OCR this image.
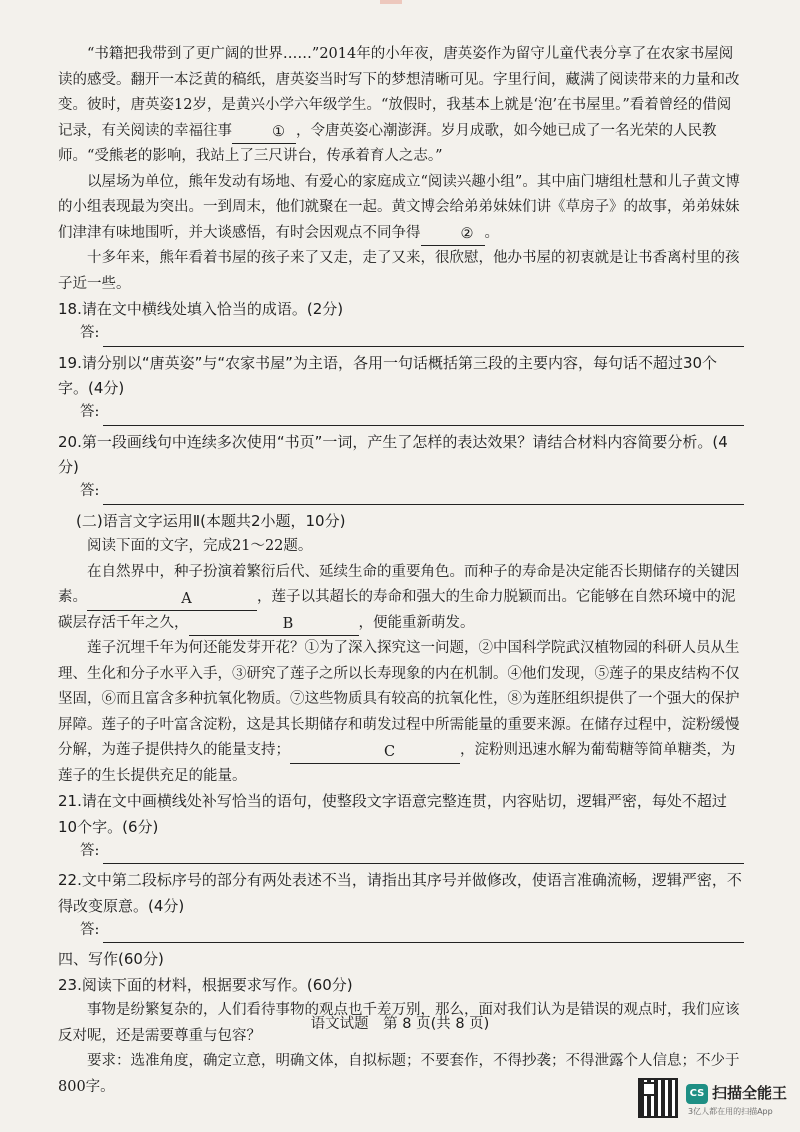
“书籍把我带到了更广阔的世界……”2014年的小年夜，唐英姿作为留守儿童代表分享了在农家书屋阅读的感受。翻开一本泛黄的稿纸，唐英姿当时写下的梦想清晰可见。字里行间，藏满了阅读带来的力量和改变。彼时，唐英姿12岁，是黄兴小学六年级学生。“放假时，我基本上就是‘泡’在书屋里。”看着曾经的借阅记录，有关阅读的幸福往事	① ，令唐英姿心潮澎湃。岁月成歌，如今她已成了一名光荣的人民教师。“受熊老的影响，我站上了三尺讲台，传承着育人之志。”

以屋场为单位，熊年发动有场地、有爱心的家庭成立“阅读兴趣小组”。其中庙门塘组杜慧和儿子黄文博的小组表现最为突出。一到周末，他们就聚在一起。黄文博会给弟弟妹妹们讲《草房子》的故事，弟弟妹妹们津津有味地围听，并大谈感悟，有时会因观点不同争得	② 。

十多年来，熊年看着书屋的孩子来了又走，走了又来，很欣慰，他办书屋的初衷就是让书香离村里的孩子近一些。

18.请在文中横线处填入恰当的成语。(2分)

答:

19.请分别以“唐英姿”与“农家书屋”为主语，各用一句话概括第三段的主要内容，每句话不超过30个字。(4分)

答:

20.第一段画线句中连续多次使用“书页”一词，产生了怎样的表达效果？请结合材料内容简要分析。(4分)

答:

(二)语言文字运用Ⅱ(本题共2小题，10分)

阅读下面的文字，完成21～22题。

在自然界中，种子扮演着繁衍后代、延续生命的重要角色。而种子的寿命是决定能否长期储存的关键因素。	A	，莲子以其超长的寿命和强大的生命力脱颖而出。它能够在自然环境中的泥碳层存活千年之久，	B	，便能重新萌发。

莲子沉埋千年为何还能发芽开花？①为了深入探究这一问题，②中国科学院武汉植物园的科研人员从生理、生化和分子水平入手，③研究了莲子之所以长寿现象的内在机制。④他们发现，⑤莲子的果皮结构不仅坚固，⑥而且富含多种抗氧化物质。⑦这些物质具有较高的抗氧化性，⑧为莲胚组织提供了一个强大的保护屏障。莲子的子叶富含淀粉，这是其长期储存和萌发过程中所需能量的重要来源。在储存过程中，淀粉缓慢分解，为莲子提供持久的能量支持；	C	，淀粉则迅速水解为葡萄糖等简单糖类，为莲子的生长提供充足的能量。

21.请在文中画横线处补写恰当的语句，使整段文字语意完整连贯，内容贴切，逻辑严密，每处不超过10个字。(6分)

答:

22.文中第二段标序号的部分有两处表述不当，请指出其序号并做修改，使语言准确流畅，逻辑严密，不得改变原意。(4分)

答:

四、写作(60分)

23.阅读下面的材料，根据要求写作。(60分)

事物是纷繁复杂的，人们看待事物的观点也千差万别，那么，面对我们认为是错误的观点时，我们应该反对呢，还是需要尊重与包容？

要求：选准角度，确定立意，明确文体，自拟标题；不要套作，不得抄袭；不得泄露个人信息；不少于800字。

语文试题　第 8 页(共 8 页)
CS 扫描全能王
3亿人都在用的扫描App
